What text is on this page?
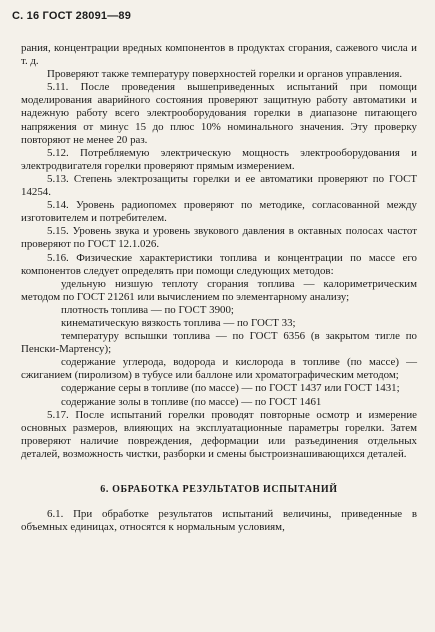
С. 16 ГОСТ 28091—89

рания, концентрации вредных компонентов в продуктах сгорания, сажевого числа и т. д.

Проверяют также температуру поверхностей горелки и органов управления.

5.11. После проведения вышеприведенных испытаний при помощи моделирования аварийного состояния проверяют защитную работу автоматики и надежную работу всего электрооборудования горелки в диапазоне питающего напряжения от минус 15 до плюс 10% номинального значения. Эту проверку повторяют не менее 20 раз.

5.12. Потребляемую электрическую мощность электрооборудования и электродвигателя горелки проверяют прямым измерением.

5.13. Степень электрозащиты горелки и ее автоматики проверяют по ГОСТ 14254.

5.14. Уровень радиопомех проверяют по методике, согласованной между изготовителем и потребителем.

5.15. Уровень звука и уровень звукового давления в октавных полосах частот проверяют по ГОСТ 12.1.026.

5.16. Физические характеристики топлива и концентрации по массе его компонентов следует определять при помощи следующих методов:

удельную низшую теплоту сгорания топлива — калориметрическим методом по ГОСТ 21261 или вычислением по элементарному анализу;

плотность топлива — по ГОСТ 3900;

кинематическую вязкость топлива — по ГОСТ 33;

температуру вспышки топлива — по ГОСТ 6356 (в закрытом тигле по Пенски-Мартенсу);

содержание углерода, водорода и кислорода в топливе (по массе) — сжиганием (пиролизом) в тубусе или баллоне или хроматографическим методом;

содержание серы в топливе (по массе) — по ГОСТ 1437 или ГОСТ 1431;

содержание золы в топливе (по массе) — по ГОСТ 1461

5.17. После испытаний горелки проводят повторные осмотр и измерение основных размеров, влияющих на эксплуатационные параметры горелки. Затем проверяют наличие повреждения, деформации или разъединения отдельных деталей, возможность чистки, разборки и смены быстроизнашивающихся деталей.

6. ОБРАБОТКА РЕЗУЛЬТАТОВ ИСПЫТАНИЙ

6.1. При обработке результатов испытаний величины, приведенные в объемных единицах, относятся к нормальным условиям,
